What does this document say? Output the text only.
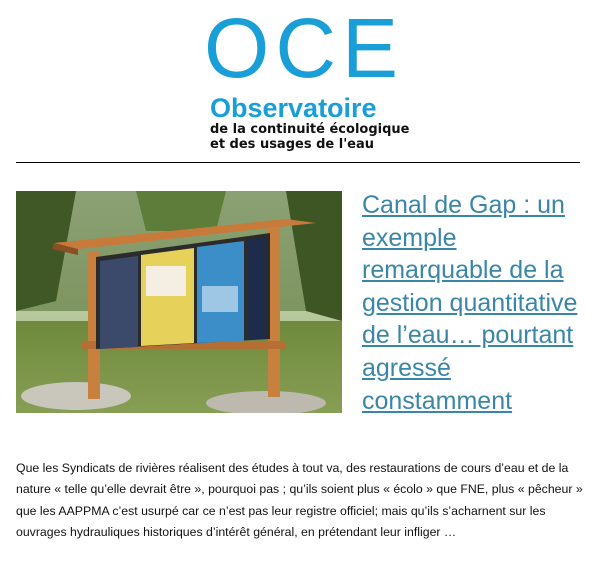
OCE
Observatoire
de la continuité écologique
et des usages de l'eau
Canal de Gap : un exemple remarquable de la gestion quantitative de l’eau… pourtant agressé constamment
Que les Syndicats de rivières réalisent des études à tout va, des restaurations de cours d’eau et de la nature « telle qu’elle devrait être », pourquoi pas ; qu’ils soient plus « écolo » que FNE, plus « pêcheur » que les AAPPMA c’est usurpé car ce n’est pas leur registre officiel; mais qu’ils s’acharnent sur les ouvrages hydrauliques historiques d’intérêt général, en prétendant leur infliger …
